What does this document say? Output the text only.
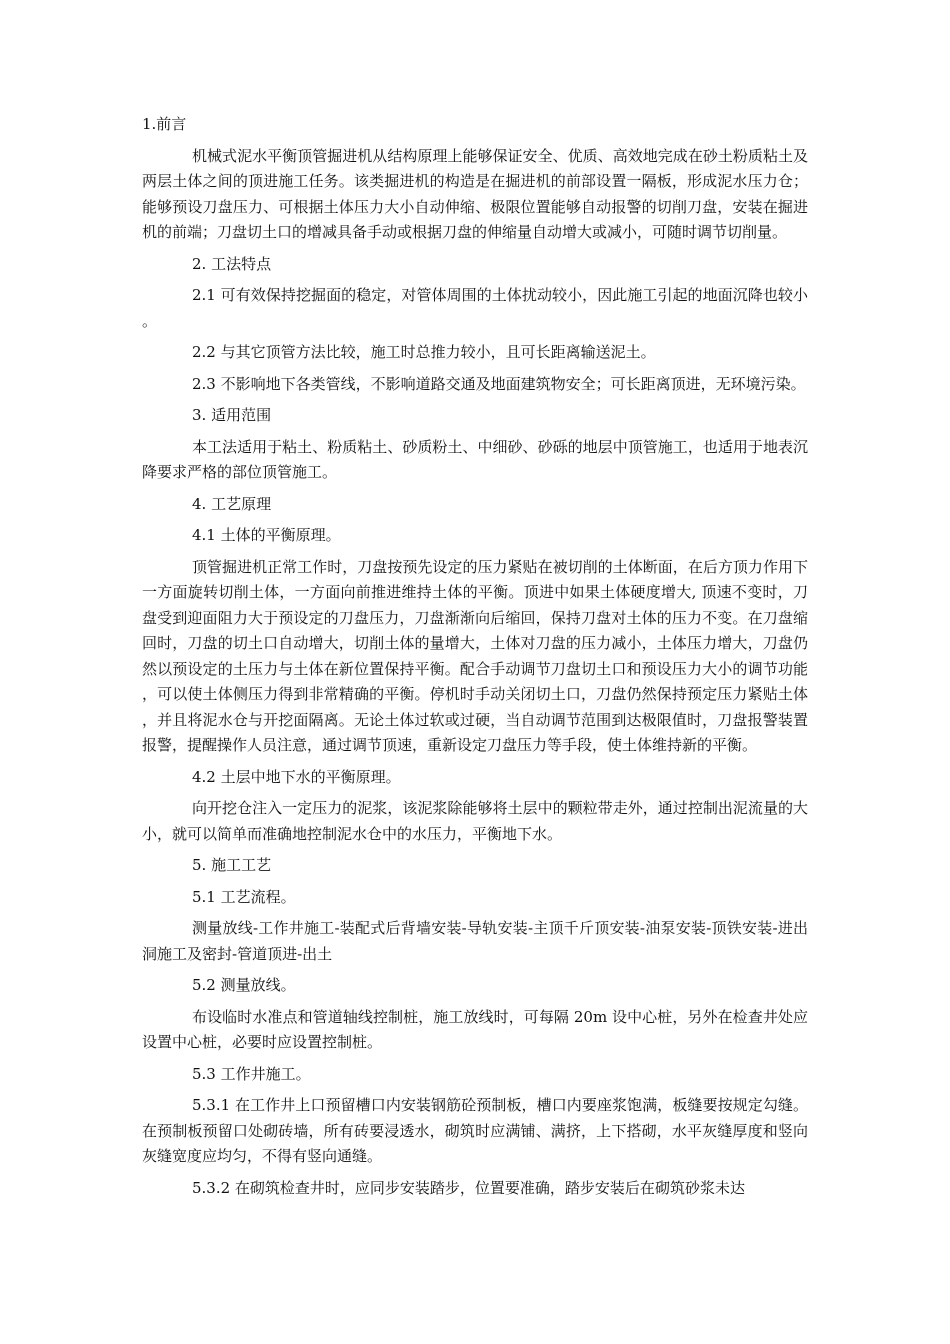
1.前言

机械式泥水平衡顶管掘进机从结构原理上能够保证安全、优质、高效地完成在砂土粉质粘土及两层土体之间的顶进施工任务。该类掘进机的构造是在掘进机的前部设置一隔板，形成泥水压力仓；能够预设刀盘压力、可根据土体压力大小自动伸缩、极限位置能够自动报警的切削刀盘，安装在掘进机的前端；刀盘切土口的增减具备手动或根据刀盘的伸缩量自动增大或减小，可随时调节切削量。

2. 工法特点

2.1 可有效保持挖掘面的稳定，对管体周围的土体扰动较小，因此施工引起的地面沉降也较小。

2.2 与其它顶管方法比较，施工时总推力较小，且可长距离输送泥土。

2.3 不影响地下各类管线，不影响道路交通及地面建筑物安全；可长距离顶进，无环境污染。

3. 适用范围

本工法适用于粘土、粉质粘土、砂质粉土、中细砂、砂砾的地层中顶管施工，也适用于地表沉降要求严格的部位顶管施工。

4. 工艺原理

4.1 土体的平衡原理。

顶管掘进机正常工作时，刀盘按预先设定的压力紧贴在被切削的土体断面，在后方顶力作用下一方面旋转切削土体，一方面向前推进维持土体的平衡。顶进中如果土体硬度增大, 顶速不变时，刀盘受到迎面阻力大于预设定的刀盘压力，刀盘渐渐向后缩回，保持刀盘对土体的压力不变。在刀盘缩回时，刀盘的切土口自动增大，切削土体的量增大，土体对刀盘的压力减小，土体压力增大，刀盘仍然以预设定的土压力与土体在新位置保持平衡。配合手动调节刀盘切土口和预设压力大小的调节功能，可以使土体侧压力得到非常精确的平衡。停机时手动关闭切土口，刀盘仍然保持预定压力紧贴土体，并且将泥水仓与开挖面隔离。无论土体过软或过硬，当自动调节范围到达极限值时，刀盘报警装置报警，提醒操作人员注意，通过调节顶速，重新设定刀盘压力等手段，使土体维持新的平衡。

4.2 土层中地下水的平衡原理。

向开挖仓注入一定压力的泥浆，该泥浆除能够将土层中的颗粒带走外，通过控制出泥流量的大小，就可以简单而准确地控制泥水仓中的水压力，平衡地下水。

5. 施工工艺

5.1 工艺流程。

测量放线-工作井施工-装配式后背墙安装-导轨安装-主顶千斤顶安装-油泵安装-顶铁安装-进出洞施工及密封-管道顶进-出土

5.2 测量放线。

布设临时水准点和管道轴线控制桩，施工放线时，可每隔 20m 设中心桩，另外在检查井处应设置中心桩，必要时应设置控制桩。

5.3 工作井施工。

5.3.1 在工作井上口预留槽口内安装钢筋砼预制板，槽口内要座浆饱满，板缝要按规定勾缝。在预制板预留口处砌砖墙，所有砖要浸透水，砌筑时应满铺、满挤，上下搭砌，水平灰缝厚度和竖向灰缝宽度应均匀，不得有竖向通缝。

5.3.2 在砌筑检查井时，应同步安装踏步，位置要准确，踏步安装后在砌筑砂浆未达
